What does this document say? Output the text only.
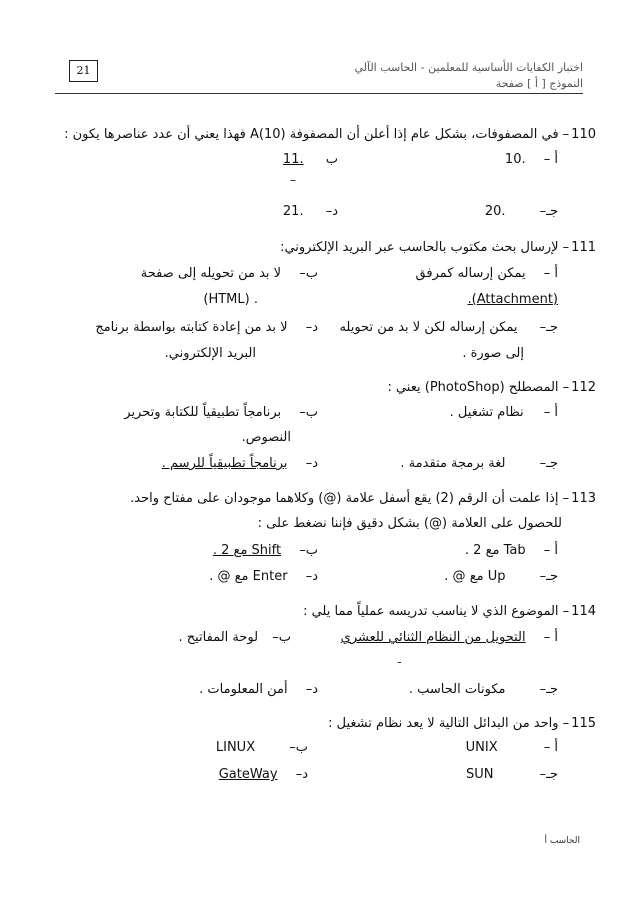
21	اختبار الكفايات الأساسية للمعلمين - الحاسب الآلي
النموذج [ أ ] صفحة
110– في المصفوفات، بشكل عام إذا أعلن أن المصفوفة A(10) فهذا يعني أن عدد عناصرها يكون :
أ – .10
ب .11
–
جـ– .20
د– .21
111– لإرسال بحث مكتوب بالحاسب عبر البريد الإلكتروني:
أ – يمكن إرساله كمرفق
(Attachment).
ب– لا بد من تحويله إلى صفحة
. (HTML)
جـ– يمكن إرساله لكن لا بد من تحويله
إلى صورة .
د– لا بد من إعادة كتابته بواسطة برنامج
البريد الإلكتروني.
112– المصطلح (PhotoShop) يعني :
أ – نظام تشغيل .
ب– برنامجاً تطبيقياً للكتابة وتحرير
النصوص.
جـ– لغة برمجة متقدمة .
د– برنامجاً تطبيقياً للرسم .
113– إذا علمت أن الرقم (2) يقع أسفل علامة (@) وكلاهما موجودان على مفتاح واحد.
للحصول على العلامة (@) بشكل دقيق فإننا نضغط على :
أ – Tab مع 2 .
ب– Shift مع 2 .
جـ– Up مع @ .
د– Enter مع @ .
114– الموضوع الذي لا يناسب تدريسه عملياً مما يلي :
أ – التحويل من النظام الثنائي للعشري
ب– لوحة المفاتيح .
ـ
جـ– مكونات الحاسب .
د– أمن المعلومات .
115– واحد من البدائل التالية لا يعد نظام تشغيل :
أ – UNIX
ب– LINUX
جـ– SUN
د– GateWay
الحاسب أ
